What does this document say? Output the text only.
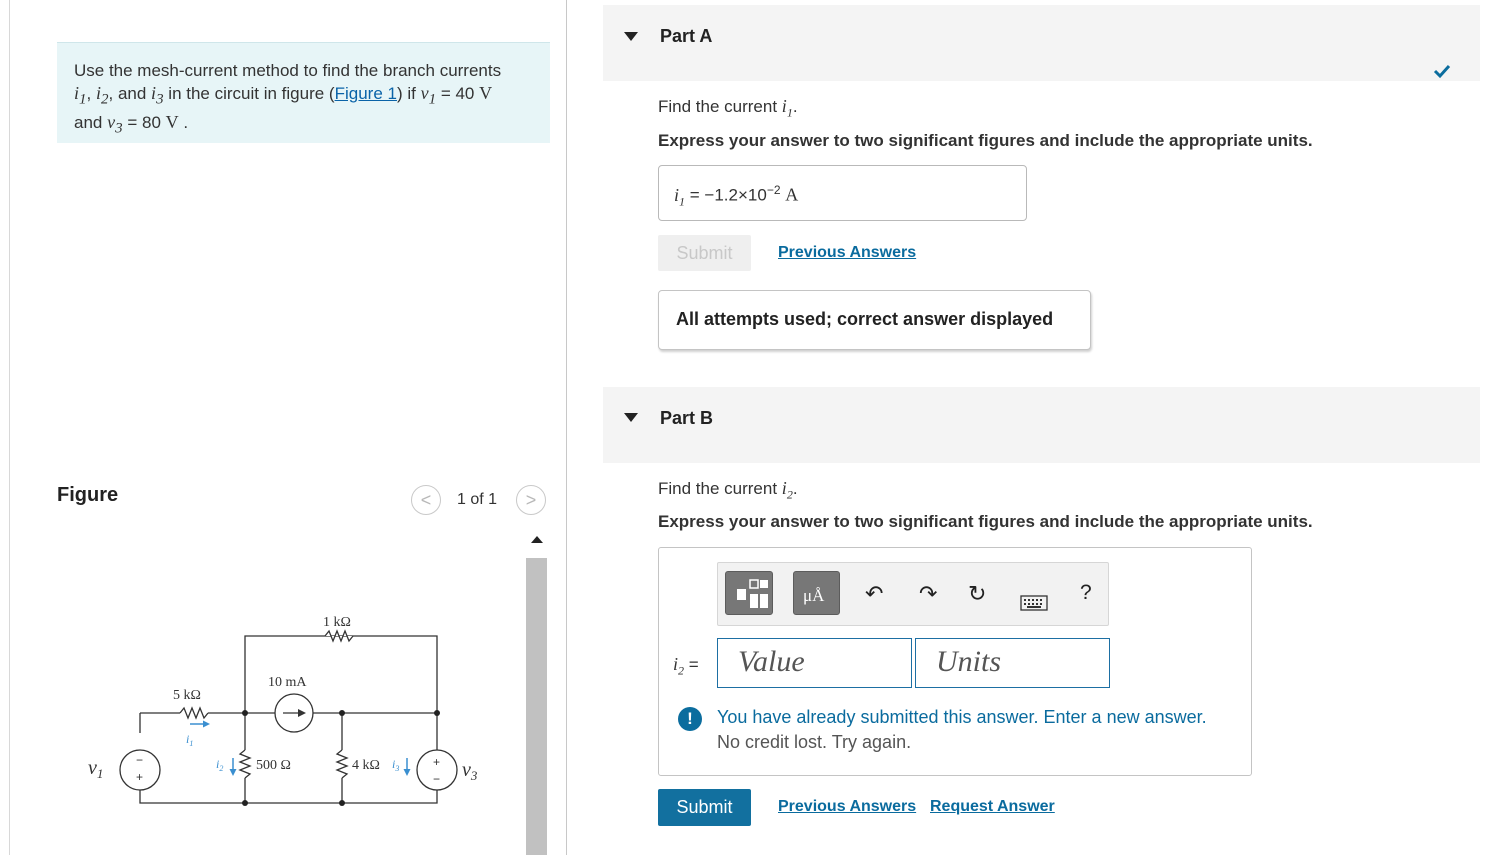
Use the mesh-current method to find the branch currents
$i_1$, $i_2$, and $i_3$ in the circuit in figure (Figure 1) if $v_1 = 40$ V
and $v_3 = 80$ V .
Figure	<	1 of 1	>
1 kΩ
5 kΩ
10 mA
500 Ω	4 kΩ
$v_1$	$v_3$
$i_1$
$i_2$	$i_3$
−
+
+
−
Part A
Find the current $i_1$.
Express your answer to two significant figures and include the appropriate units.
$i_1 = -1.2\times 10^{-2}$ A
Submit	Previous Answers
All attempts used; correct answer displayed
Part B
Find the current $i_2$.
Express your answer to two significant figures and include the appropriate units.
μÅ ↶ ↷ ↻	?
$i_2$ = Value	Units
!	You have already submitted this answer. Enter a new answer.
No credit lost. Try again.
Submit	Previous Answers Request Answer
